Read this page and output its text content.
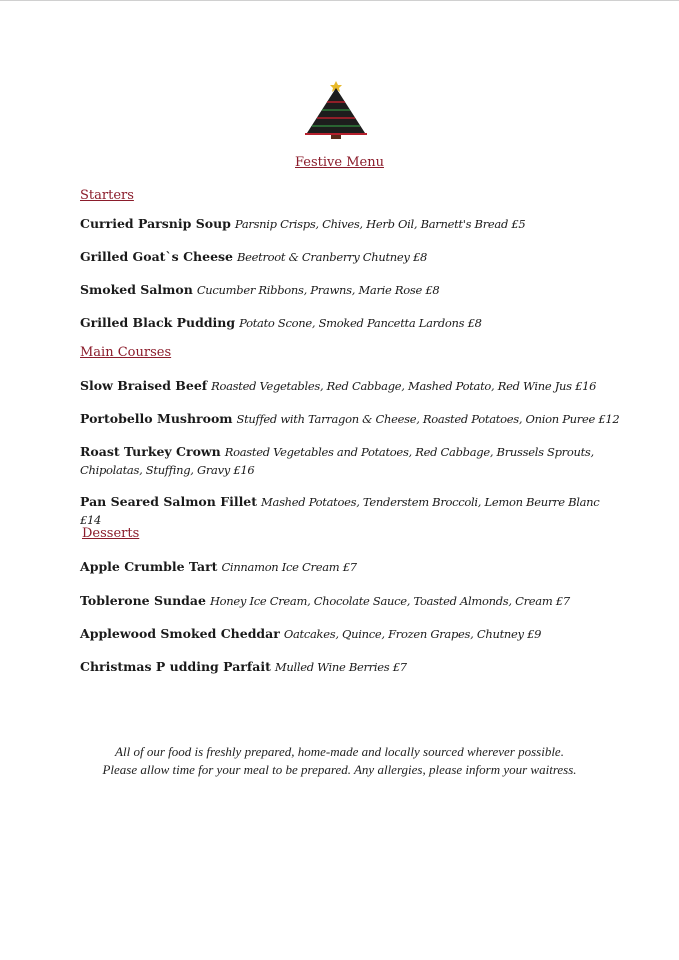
Festive Menu
Starters
Curried Parsnip Soup Parsnip Crisps, Chives, Herb Oil, Barnett's Bread £5
Grilled Goat`s Cheese Beetroot & Cranberry Chutney £8
Smoked Salmon Cucumber Ribbons, Prawns, Marie Rose £8
Grilled Black Pudding Potato Scone, Smoked Pancetta Lardons £8
Main Courses
Slow Braised Beef Roasted Vegetables, Red Cabbage, Mashed Potato, Red Wine Jus £16
Portobello Mushroom Stuffed with Tarragon & Cheese, Roasted Potatoes, Onion Puree £12
Roast Turkey Crown Roasted Vegetables and Potatoes, Red Cabbage, Brussels Sprouts, Chipolatas, Stuffing, Gravy £16
Pan Seared Salmon Fillet Mashed Potatoes, Tenderstem Broccoli, Lemon Beurre Blanc £14
Desserts
Apple Crumble Tart Cinnamon Ice Cream £7
Toblerone Sundae Honey Ice Cream, Chocolate Sauce, Toasted Almonds, Cream £7
Applewood Smoked Cheddar Oatcakes, Quince, Frozen Grapes, Chutney £9
Christmas P udding Parfait Mulled Wine Berries £7
All of our food is freshly prepared, home-made and locally sourced wherever possible.
Please allow time for your meal to be prepared. Any allergies, please inform your waitress.
